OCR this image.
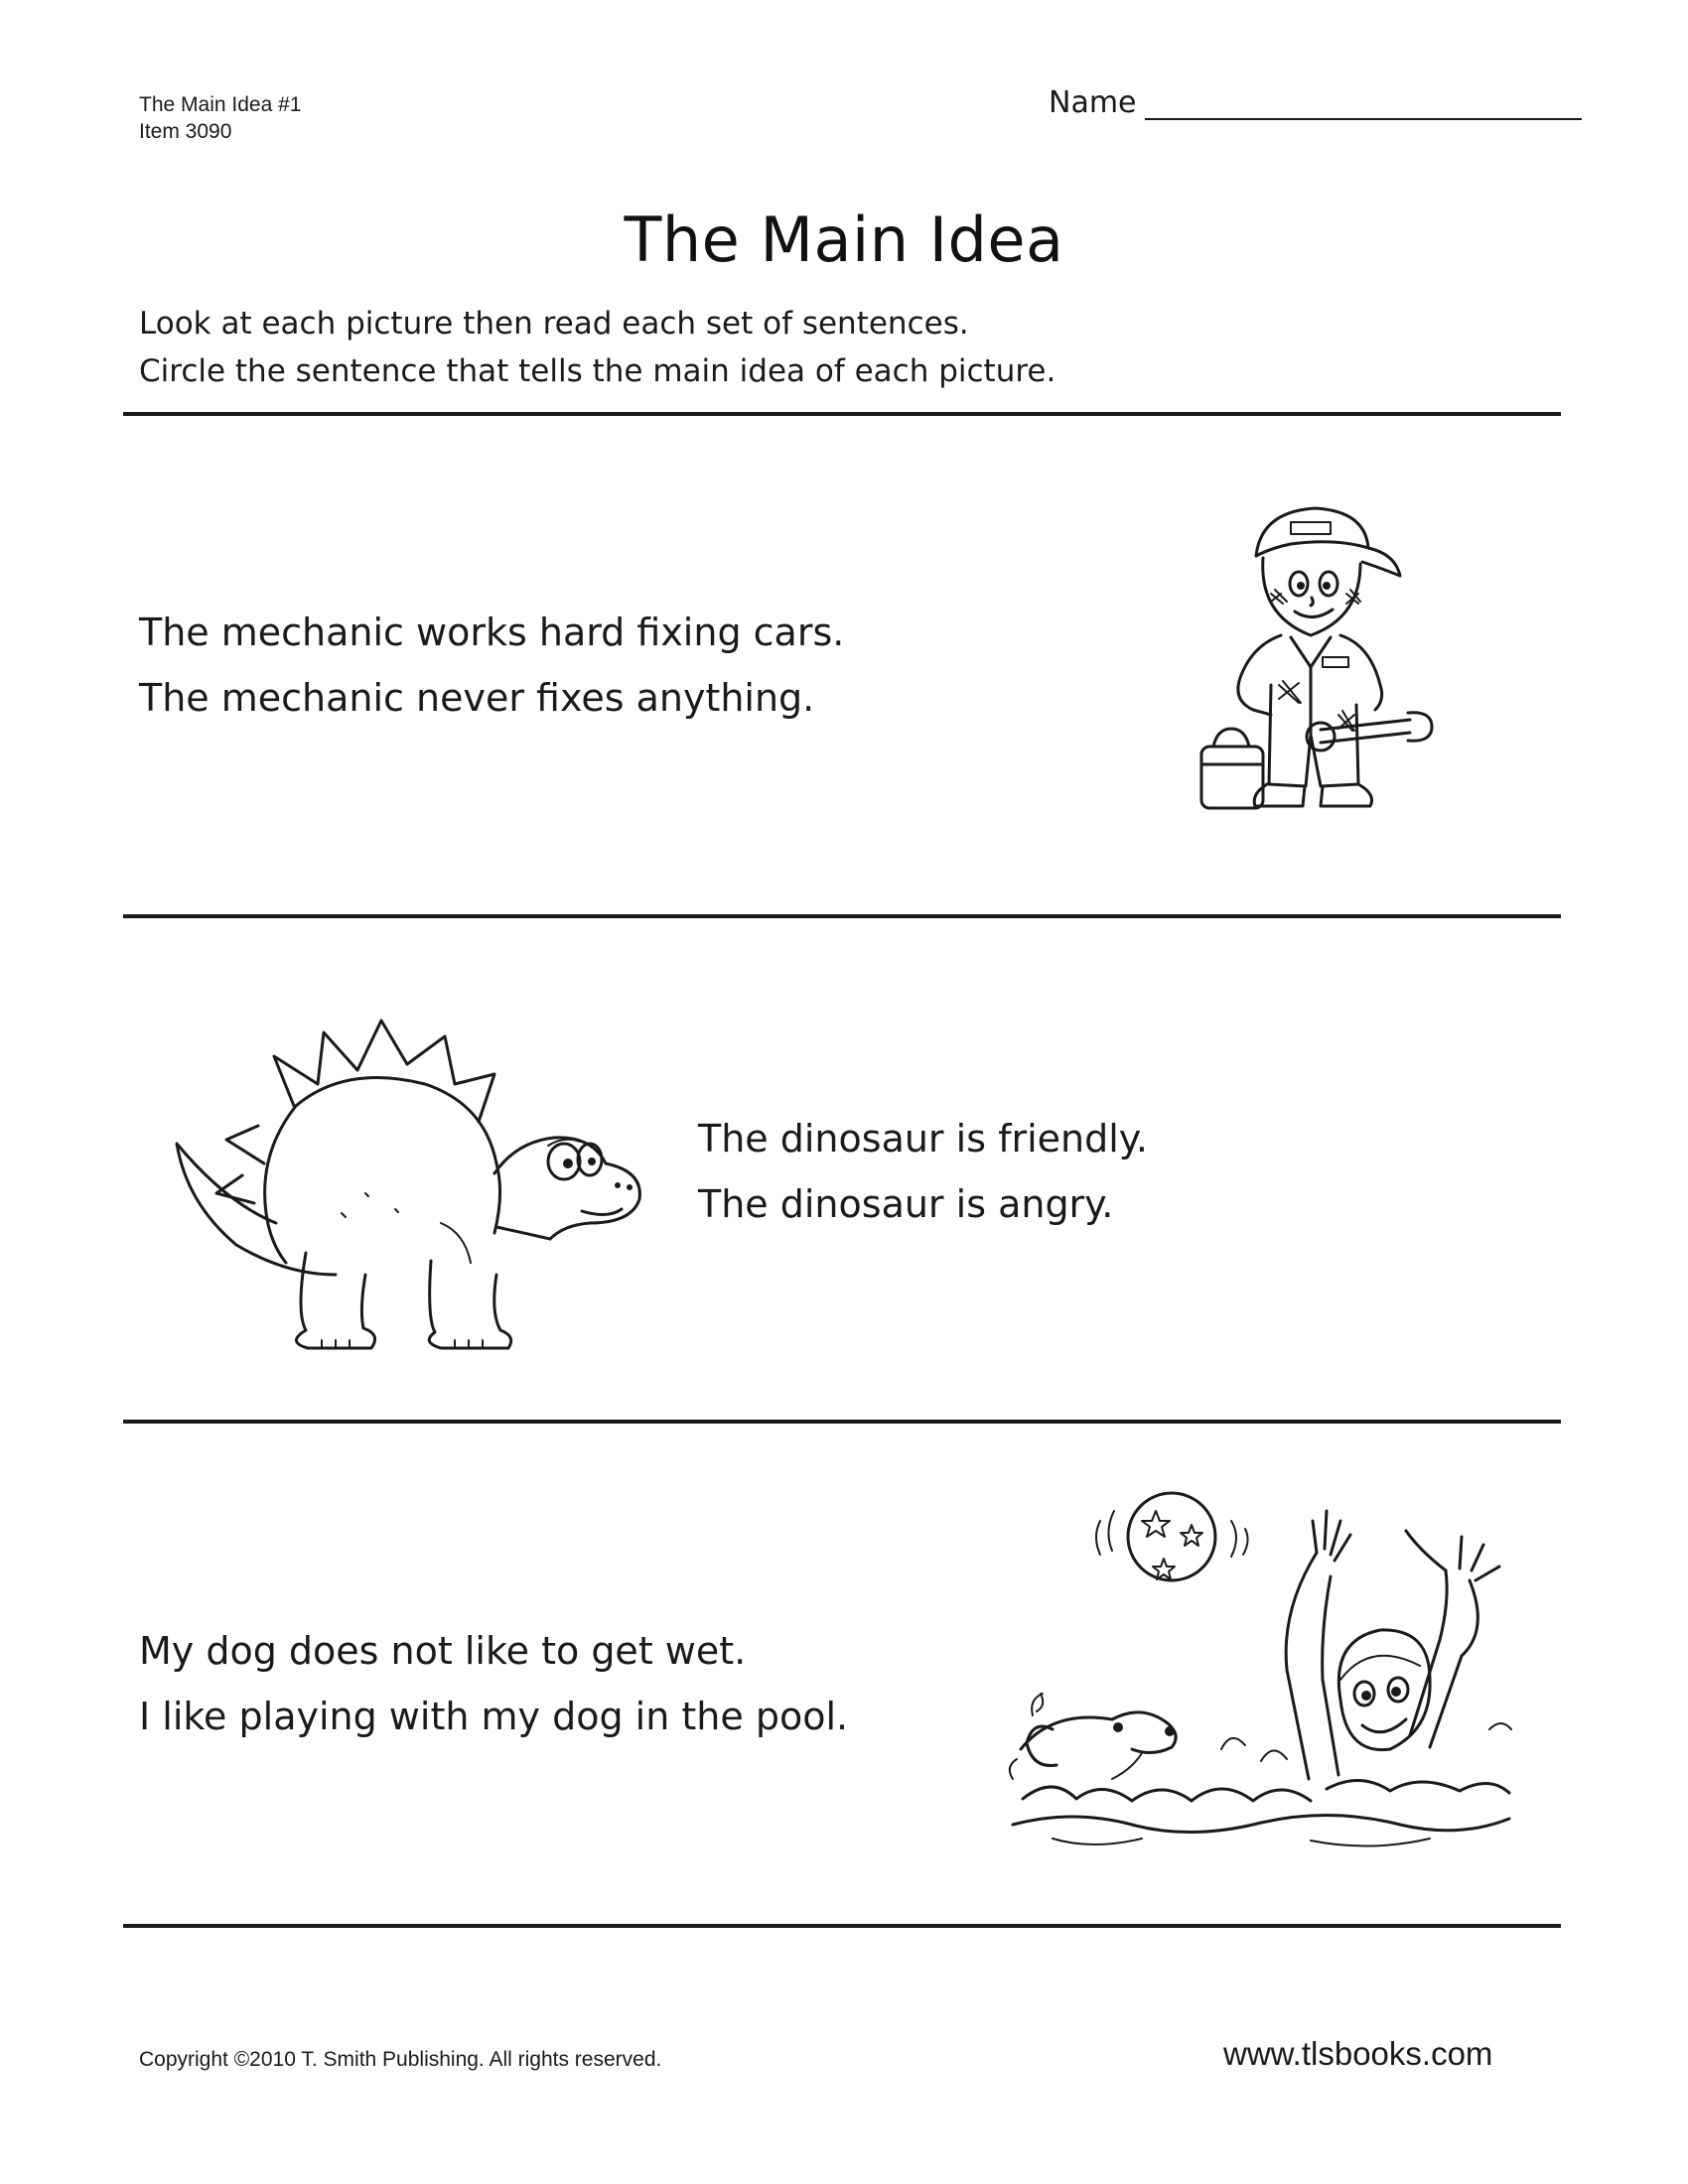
The Main Idea #1
Item 3090
Name
The Main Idea
Look at each picture then read each set of sentences.
Circle the sentence that tells the main idea of each picture.
The mechanic works hard fixing cars.
The mechanic never fixes anything.
The dinosaur is friendly.
The dinosaur is angry.
My dog does not like to get wet.
I like playing with my dog in the pool.
Copyright ©2010 T. Smith Publishing. All rights reserved.	www.tlsbooks.com
